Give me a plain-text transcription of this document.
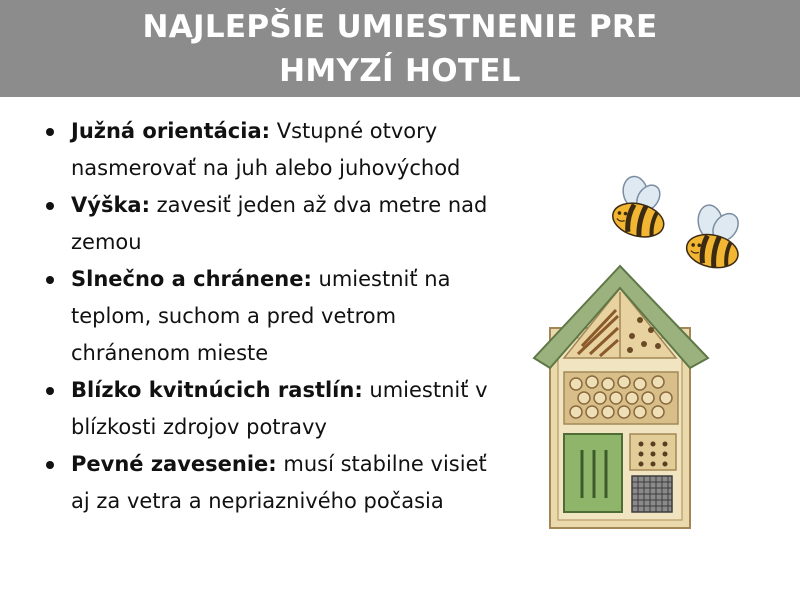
NAJLEPŠIE UMIESTNENIE PRE
HMYZÍ HOTEL
Južná orientácia: Vstupné otvory nasmerovať na juh alebo juhovýchod
Výška: zavesiť jeden až dva metre nad zemou
Slnečno a chránene: umiestniť na teplom, suchom a pred vetrom chránenom mieste
Blízko kvitnúcich rastlín: umiestniť v blízkosti zdrojov potravy
Pevné zavesenie: musí stabilne visieť aj za vetra a nepriaznivého počasia
